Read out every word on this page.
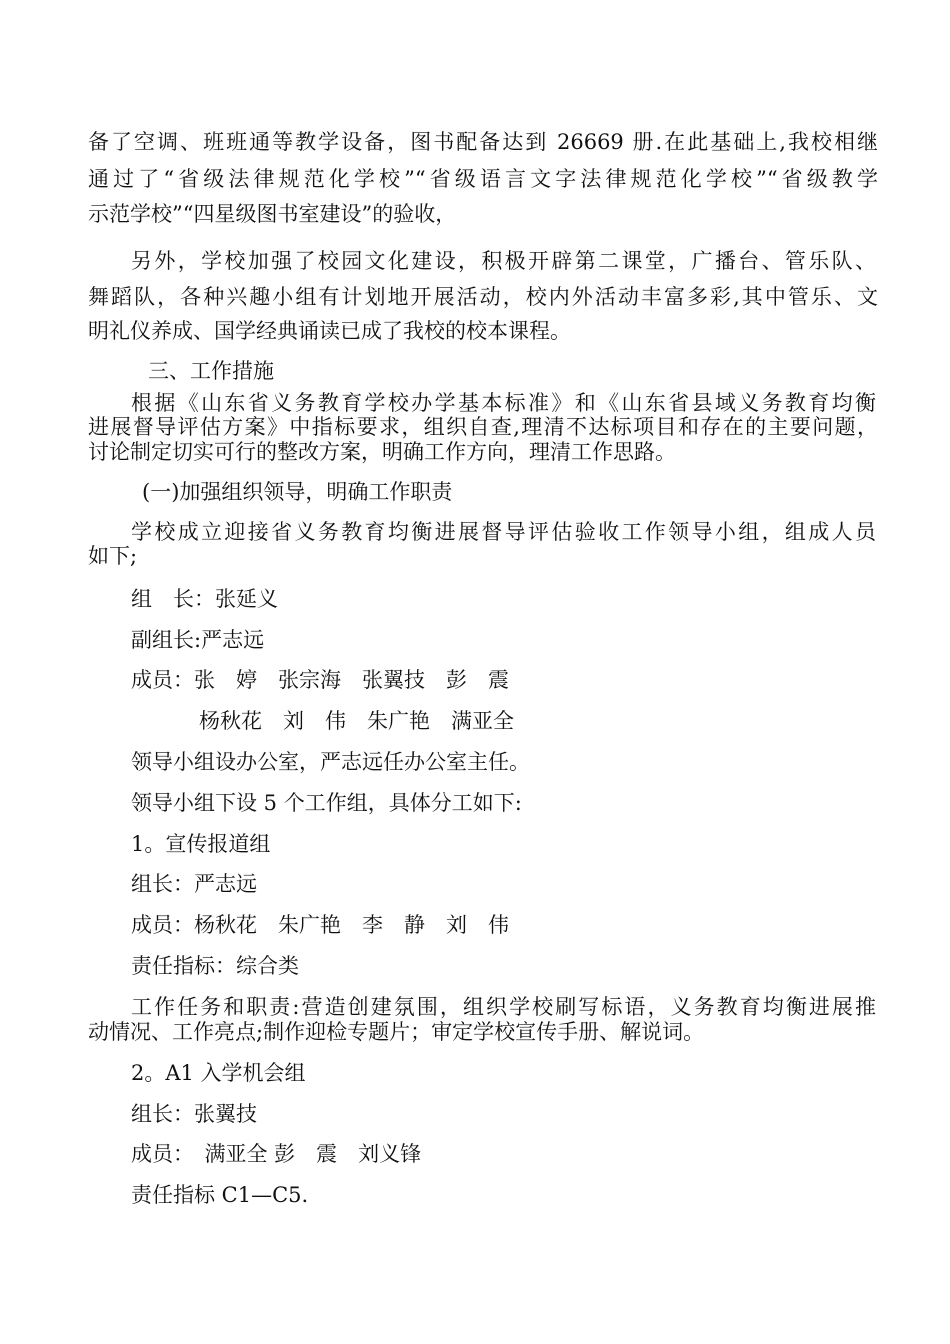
备了空调、班班通等教学设备，图书配备达到 26669 册.在此基础上,我校相继
通过了“省级法律规范化学校”“省级语言文字法律规范化学校”“省级教学
示范学校”“四星级图书室建设”的验收，
另外，学校加强了校园文化建设，积极开辟第二课堂，广播台、管乐队、
舞蹈队，各种兴趣小组有计划地开展活动，校内外活动丰富多彩,其中管乐、文
明礼仪养成、国学经典诵读已成了我校的校本课程。
三、工作措施
根据《山东省义务教育学校办学基本标准》和《山东省县域义务教育均衡
进展督导评估方案》中指标要求，组织自查,理清不达标项目和存在的主要问题，
讨论制定切实可行的整改方案，明确工作方向，理清工作思路。
(一)加强组织领导，明确工作职责
学校成立迎接省义务教育均衡进展督导评估验收工作领导小组，组成人员
如下;
组　长：张延义
副组长:严志远
成员：张　婷　张宗海　张翼技　彭　震
杨秋花　刘　伟　朱广艳　满亚全
领导小组设办公室，严志远任办公室主任。
领导小组下设 5 个工作组，具体分工如下:
1。宣传报道组
组长：严志远
成员：杨秋花　朱广艳　李　静　刘　伟
责任指标：综合类
工作任务和职责:营造创建氛围，组织学校刷写标语，义务教育均衡进展推
动情况、工作亮点;制作迎检专题片；审定学校宣传手册、解说词。
2。A1 入学机会组
组长：张翼技
成员：　满亚全 彭　震　刘义锋
责任指标 C1—C5.
